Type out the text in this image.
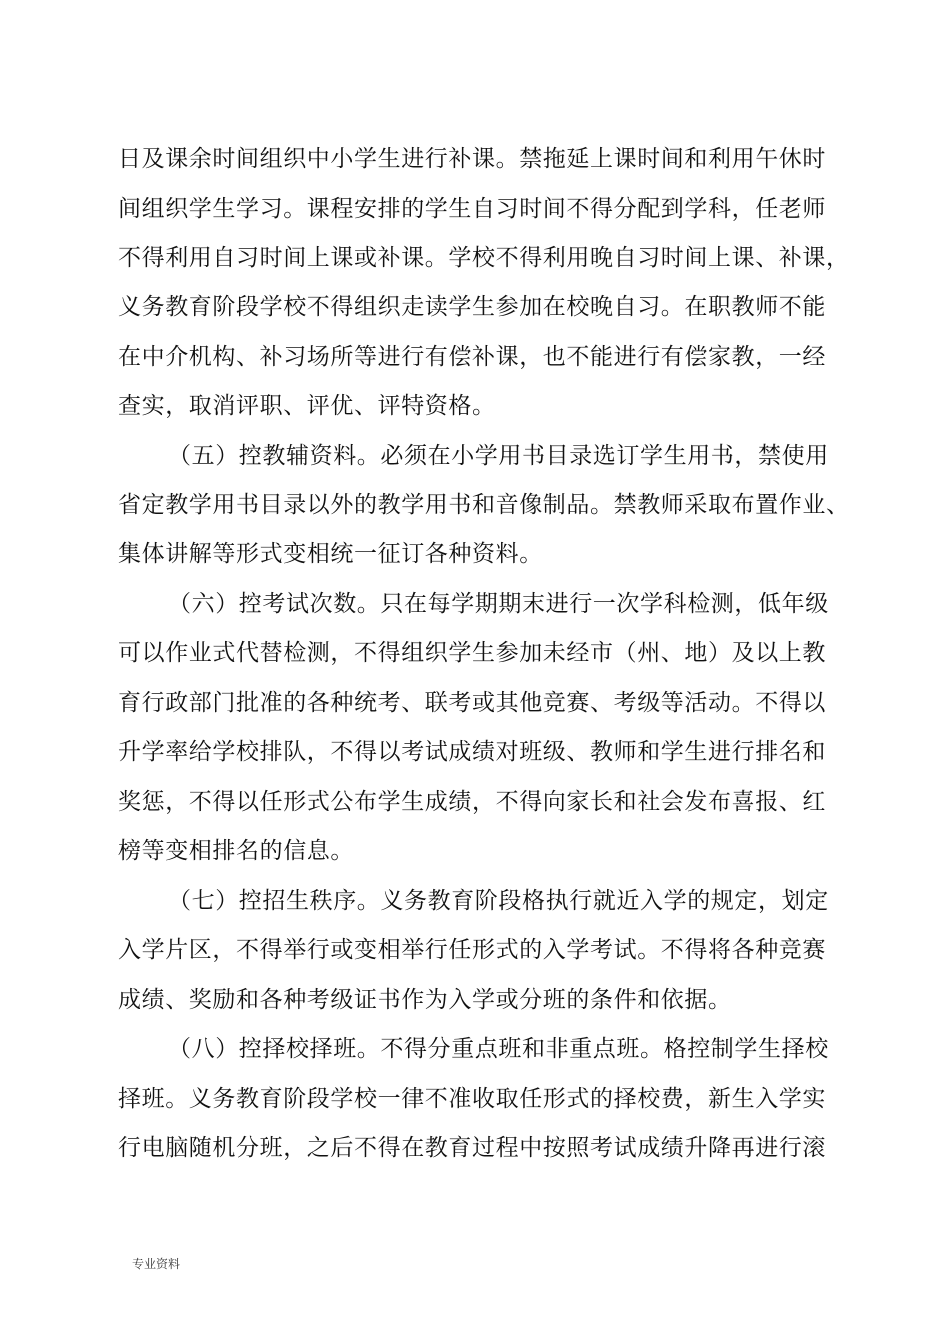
日及课余时间组织中小学生进行补课。禁拖延上课时间和利用午休时
间组织学生学习。课程安排的学生自习时间不得分配到学科，任老师
不得利用自习时间上课或补课。学校不得利用晚自习时间上课、补课，
义务教育阶段学校不得组织走读学生参加在校晚自习。在职教师不能
在中介机构、补习场所等进行有偿补课，也不能进行有偿家教，一经
查实，取消评职、评优、评特资格。
（五）控教辅资料。必须在小学用书目录选订学生用书，禁使用
省定教学用书目录以外的教学用书和音像制品。禁教师采取布置作业、
集体讲解等形式变相统一征订各种资料。
（六）控考试次数。只在每学期期末进行一次学科检测，低年级
可以作业式代替检测，不得组织学生参加未经市（州、地）及以上教
育行政部门批准的各种统考、联考或其他竞赛、考级等活动。不得以
升学率给学校排队，不得以考试成绩对班级、教师和学生进行排名和
奖惩，不得以任形式公布学生成绩，不得向家长和社会发布喜报、红
榜等变相排名的信息。
（七）控招生秩序。义务教育阶段格执行就近入学的规定，划定
入学片区，不得举行或变相举行任形式的入学考试。不得将各种竞赛
成绩、奖励和各种考级证书作为入学或分班的条件和依据。
（八）控择校择班。不得分重点班和非重点班。格控制学生择校
择班。义务教育阶段学校一律不准收取任形式的择校费，新生入学实
行电脑随机分班，之后不得在教育过程中按照考试成绩升降再进行滚
专业资料
